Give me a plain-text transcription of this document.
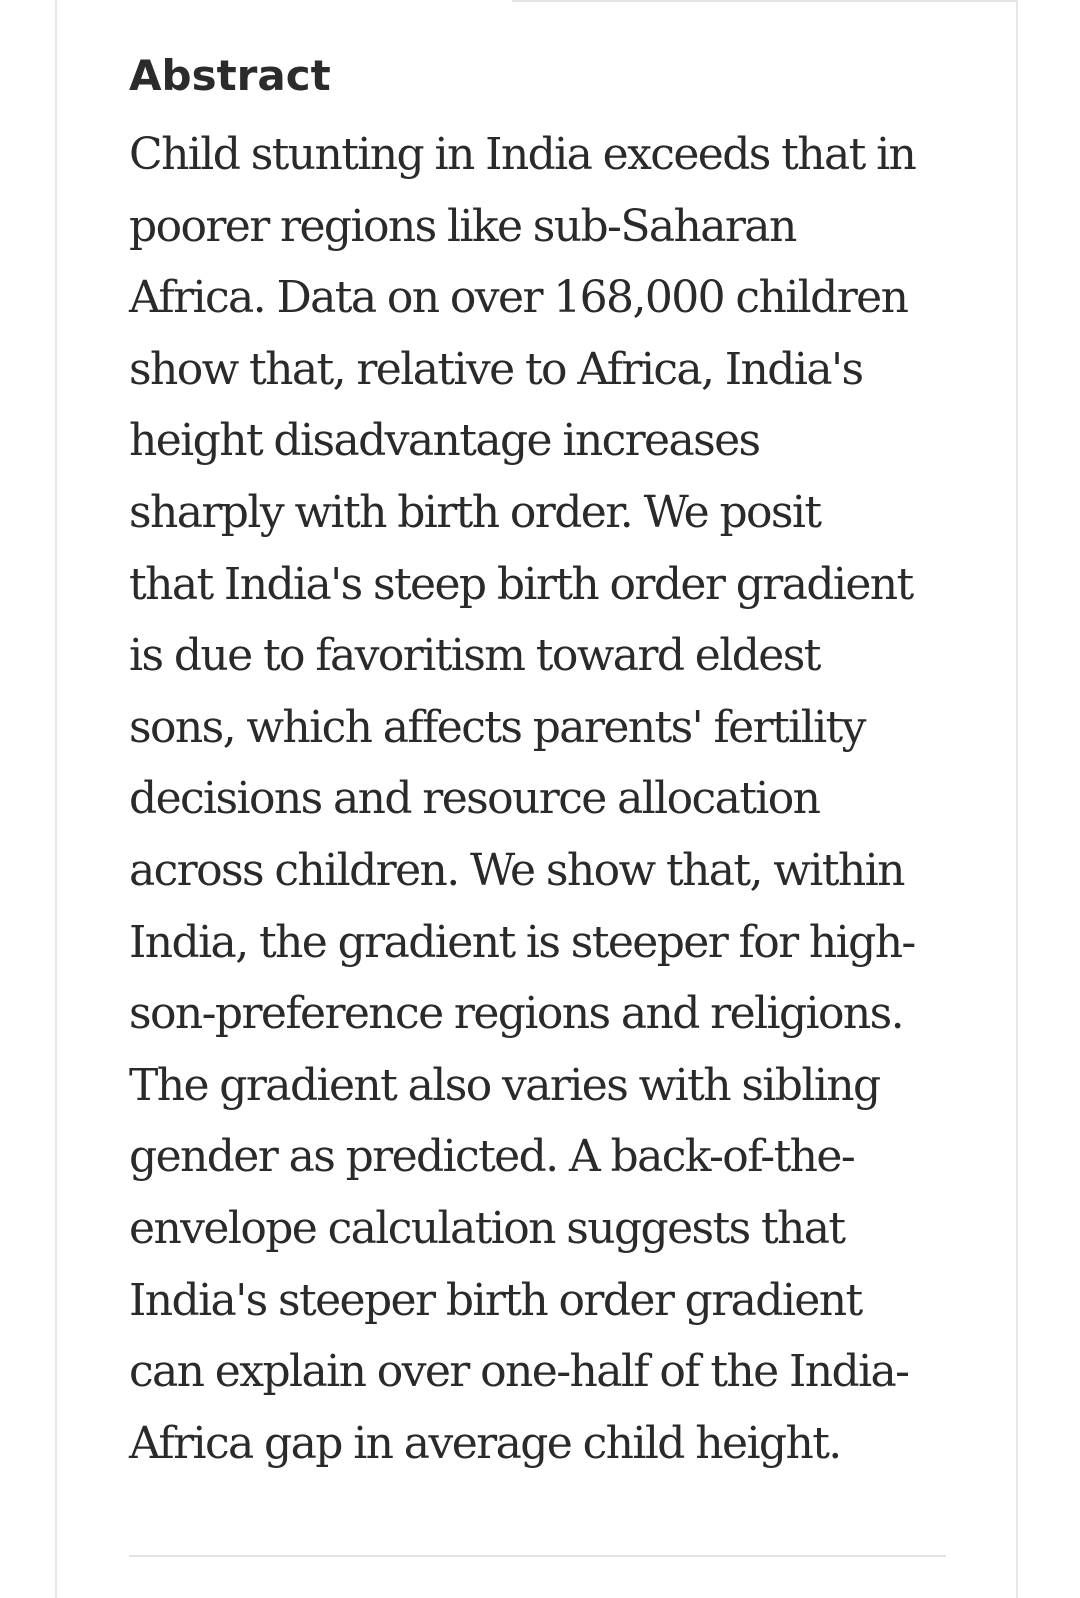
Abstract

Child stunting in India exceeds that in
poorer regions like sub-Saharan
Africa. Data on over 168,000 children
show that, relative to Africa, India's
height disadvantage increases
sharply with birth order. We posit
that India's steep birth order gradient
is due to favoritism toward eldest
sons, which affects parents' fertility
decisions and resource allocation
across children. We show that, within
India, the gradient is steeper for high-
son-preference regions and religions.
The gradient also varies with sibling
gender as predicted. A back-of-the-
envelope calculation suggests that
India's steeper birth order gradient
can explain over one-half of the India-
Africa gap in average child height.
